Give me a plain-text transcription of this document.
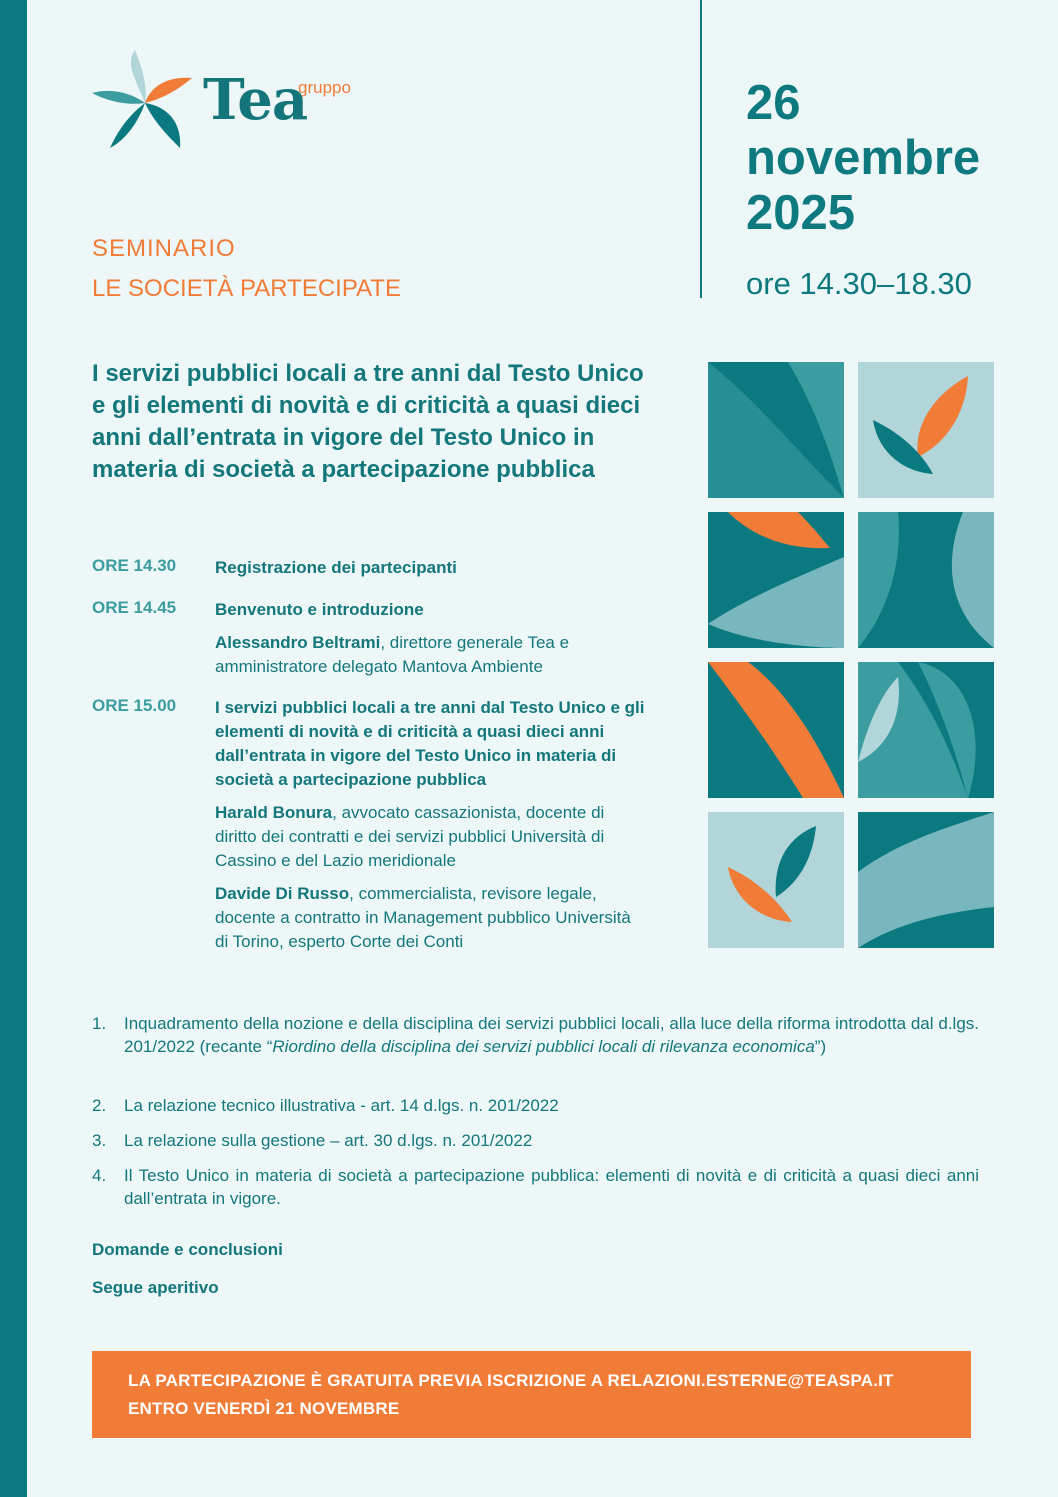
gruppo
Tea	26
novembre
2025
ore 14.30–18.30
SEMINARIO
LE SOCIETÀ PARTECIPATE
I servizi pubblici locali a tre anni dal Testo Unico e gli elementi di novità e di criticità a quasi dieci anni dall’entrata in vigore del Testo Unico in materia di società a partecipazione pubblica
ORE 14.30 Registrazione dei partecipanti
ORE 14.45 Benvenuto e introduzione
Alessandro Beltrami, direttore generale Tea e amministratore delegato Mantova Ambiente
ORE 15.00 I servizi pubblici locali a tre anni dal Testo Unico e gli elementi di novità e di criticità a quasi dieci anni dall’entrata in vigore del Testo Unico in materia di società a partecipazione pubblica
Harald Bonura, avvocato cassazionista, docente di diritto dei contratti e dei servizi pubblici Università di Cassino e del Lazio meridionale
Davide Di Russo, commercialista, revisore legale, docente a contratto in Management pubblico Università di Torino, esperto Corte dei Conti
1. Inquadramento della nozione e della disciplina dei servizi pubblici locali, alla luce della riforma introdotta dal d.lgs. 201/2022 (recante “Riordino della disciplina dei servizi pubblici locali di rilevanza economica”)
2. La relazione tecnico illustrativa - art. 14 d.lgs. n. 201/2022
3. La relazione sulla gestione – art. 30 d.lgs. n. 201/2022
4. Il Testo Unico in materia di società a partecipazione pubblica: elementi di novità e di criticità a quasi dieci anni dall’entrata in vigore.
Domande e conclusioni
Segue aperitivo
LA PARTECIPAZIONE È GRATUITA PREVIA ISCRIZIONE A RELAZIONI.ESTERNE@TEASPA.IT
ENTRO VENERDÌ 21 NOVEMBRE
